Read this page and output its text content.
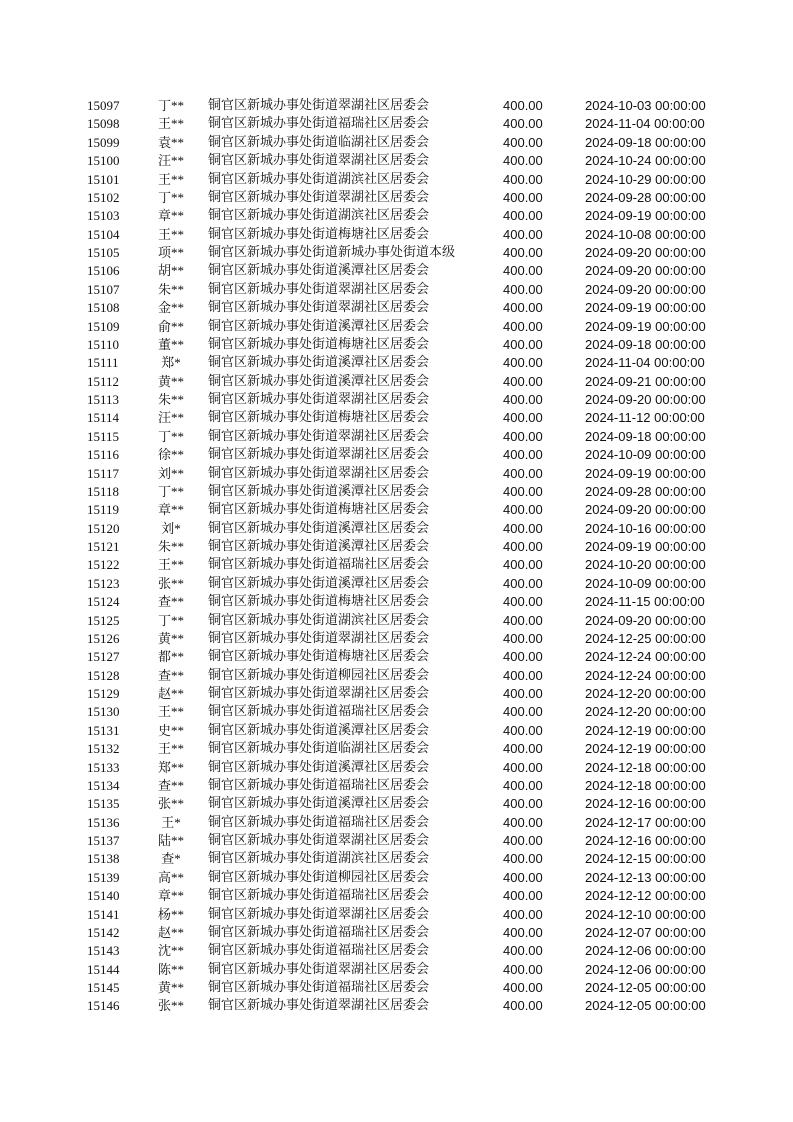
15097	丁**	铜官区新城办事处街道翠湖社区居委会	400.00	2024-10-03 00:00:00
15098	王**	铜官区新城办事处街道福瑞社区居委会	400.00	2024-11-04 00:00:00
15099	袁**	铜官区新城办事处街道临湖社区居委会	400.00	2024-09-18 00:00:00
15100	汪**	铜官区新城办事处街道翠湖社区居委会	400.00	2024-10-24 00:00:00
15101	王**	铜官区新城办事处街道湖滨社区居委会	400.00	2024-10-29 00:00:00
15102	丁**	铜官区新城办事处街道翠湖社区居委会	400.00	2024-09-28 00:00:00
15103	章**	铜官区新城办事处街道湖滨社区居委会	400.00	2024-09-19 00:00:00
15104	王**	铜官区新城办事处街道梅塘社区居委会	400.00	2024-10-08 00:00:00
15105	项**	铜官区新城办事处街道新城办事处街道本级	400.00	2024-09-20 00:00:00
15106	胡**	铜官区新城办事处街道溪潭社区居委会	400.00	2024-09-20 00:00:00
15107	朱**	铜官区新城办事处街道翠湖社区居委会	400.00	2024-09-20 00:00:00
15108	金**	铜官区新城办事处街道翠湖社区居委会	400.00	2024-09-19 00:00:00
15109	俞**	铜官区新城办事处街道溪潭社区居委会	400.00	2024-09-19 00:00:00
15110	董**	铜官区新城办事处街道梅塘社区居委会	400.00	2024-09-18 00:00:00
15111	郑*	铜官区新城办事处街道溪潭社区居委会	400.00	2024-11-04 00:00:00
15112	黄**	铜官区新城办事处街道溪潭社区居委会	400.00	2024-09-21 00:00:00
15113	朱**	铜官区新城办事处街道翠湖社区居委会	400.00	2024-09-20 00:00:00
15114	汪**	铜官区新城办事处街道梅塘社区居委会	400.00	2024-11-12 00:00:00
15115	丁**	铜官区新城办事处街道翠湖社区居委会	400.00	2024-09-18 00:00:00
15116	徐**	铜官区新城办事处街道翠湖社区居委会	400.00	2024-10-09 00:00:00
15117	刘**	铜官区新城办事处街道翠湖社区居委会	400.00	2024-09-19 00:00:00
15118	丁**	铜官区新城办事处街道溪潭社区居委会	400.00	2024-09-28 00:00:00
15119	章**	铜官区新城办事处街道梅塘社区居委会	400.00	2024-09-20 00:00:00
15120	刘*	铜官区新城办事处街道溪潭社区居委会	400.00	2024-10-16 00:00:00
15121	朱**	铜官区新城办事处街道溪潭社区居委会	400.00	2024-09-19 00:00:00
15122	王**	铜官区新城办事处街道福瑞社区居委会	400.00	2024-10-20 00:00:00
15123	张**	铜官区新城办事处街道溪潭社区居委会	400.00	2024-10-09 00:00:00
15124	查**	铜官区新城办事处街道梅塘社区居委会	400.00	2024-11-15 00:00:00
15125	丁**	铜官区新城办事处街道湖滨社区居委会	400.00	2024-09-20 00:00:00
15126	黄**	铜官区新城办事处街道翠湖社区居委会	400.00	2024-12-25 00:00:00
15127	都**	铜官区新城办事处街道梅塘社区居委会	400.00	2024-12-24 00:00:00
15128	查**	铜官区新城办事处街道柳园社区居委会	400.00	2024-12-24 00:00:00
15129	赵**	铜官区新城办事处街道翠湖社区居委会	400.00	2024-12-20 00:00:00
15130	王**	铜官区新城办事处街道福瑞社区居委会	400.00	2024-12-20 00:00:00
15131	史**	铜官区新城办事处街道溪潭社区居委会	400.00	2024-12-19 00:00:00
15132	王**	铜官区新城办事处街道临湖社区居委会	400.00	2024-12-19 00:00:00
15133	郑**	铜官区新城办事处街道溪潭社区居委会	400.00	2024-12-18 00:00:00
15134	查**	铜官区新城办事处街道福瑞社区居委会	400.00	2024-12-18 00:00:00
15135	张**	铜官区新城办事处街道溪潭社区居委会	400.00	2024-12-16 00:00:00
15136	王*	铜官区新城办事处街道福瑞社区居委会	400.00	2024-12-17 00:00:00
15137	陆**	铜官区新城办事处街道翠湖社区居委会	400.00	2024-12-16 00:00:00
15138	查*	铜官区新城办事处街道湖滨社区居委会	400.00	2024-12-15 00:00:00
15139	高**	铜官区新城办事处街道柳园社区居委会	400.00	2024-12-13 00:00:00
15140	章**	铜官区新城办事处街道福瑞社区居委会	400.00	2024-12-12 00:00:00
15141	杨**	铜官区新城办事处街道翠湖社区居委会	400.00	2024-12-10 00:00:00
15142	赵**	铜官区新城办事处街道福瑞社区居委会	400.00	2024-12-07 00:00:00
15143	沈**	铜官区新城办事处街道福瑞社区居委会	400.00	2024-12-06 00:00:00
15144	陈**	铜官区新城办事处街道翠湖社区居委会	400.00	2024-12-06 00:00:00
15145	黄**	铜官区新城办事处街道福瑞社区居委会	400.00	2024-12-05 00:00:00
15146	张**	铜官区新城办事处街道翠湖社区居委会	400.00	2024-12-05 00:00:00
